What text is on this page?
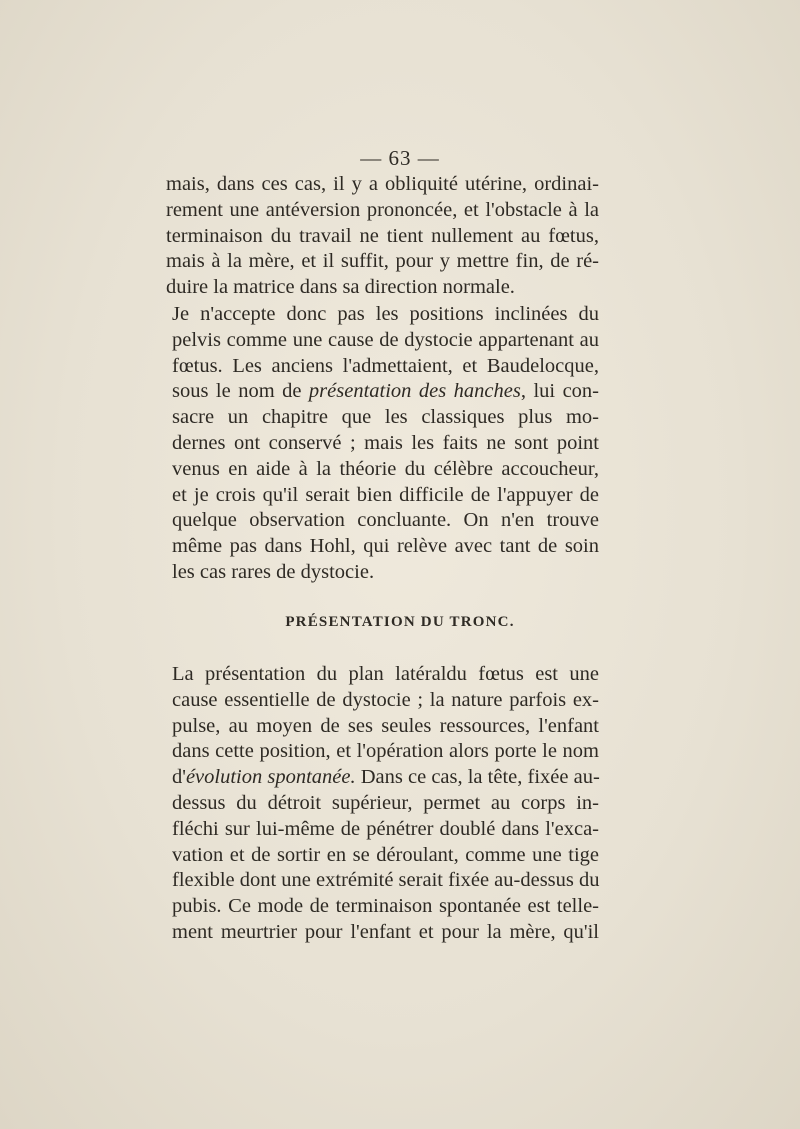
— 63 —
mais, dans ces cas, il y a obliquité utérine, ordinai-
rement une antéversion prononcée, et l'obstacle à la
terminaison du travail ne tient nullement au fœtus,
mais à la mère, et il suffit, pour y mettre fin, de ré-
duire la matrice dans sa direction normale.
Je n'accepte donc pas les positions inclinées du
pelvis comme une cause de dystocie appartenant au
fœtus. Les anciens l'admettaient, et Baudelocque,
sous le nom de présentation des hanches, lui con-
sacre un chapitre que les classiques plus mo-
dernes ont conservé ; mais les faits ne sont point
venus en aide à la théorie du célèbre accoucheur,
et je crois qu'il serait bien difficile de l'appuyer de
quelque observation concluante. On n'en trouve
même pas dans Hohl, qui relève avec tant de soin
les cas rares de dystocie.
PRÉSENTATION DU TRONC.
La présentation du plan latéraldu fœtus est une
cause essentielle de dystocie ; la nature parfois ex-
pulse, au moyen de ses seules ressources, l'enfant
dans cette position, et l'opération alors porte le nom
d'évolution spontanée. Dans ce cas, la tête, fixée au-
dessus du détroit supérieur, permet au corps in-
fléchi sur lui-même de pénétrer doublé dans l'exca-
vation et de sortir en se déroulant, comme une tige
flexible dont une extrémité serait fixée au-dessus du
pubis. Ce mode de terminaison spontanée est telle-
ment meurtrier pour l'enfant et pour la mère, qu'il
